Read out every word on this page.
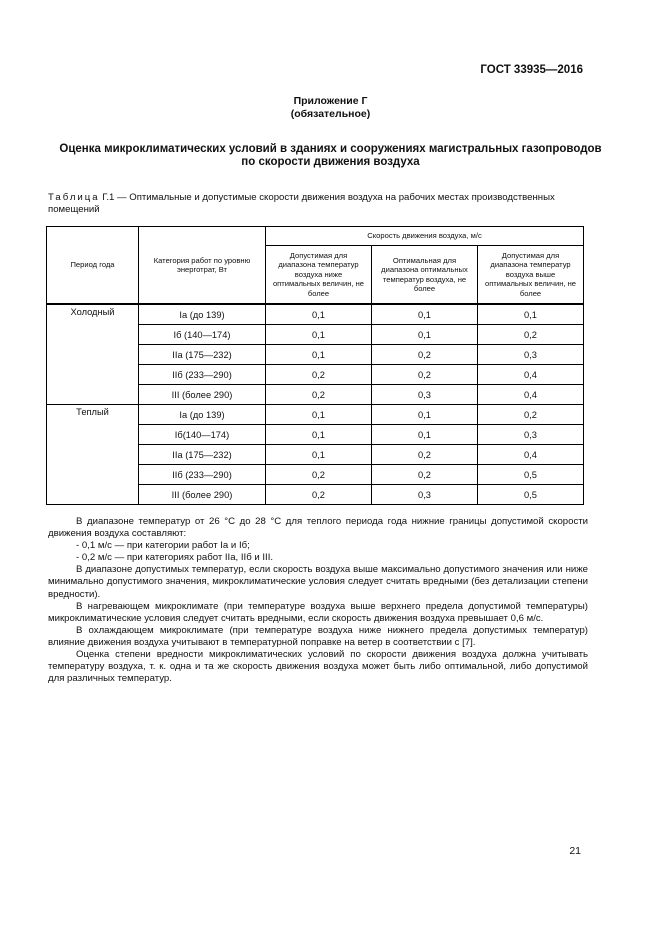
ГОСТ 33935—2016
Приложение Г
(обязательное)
Оценка микроклиматических условий в зданиях и сооружениях магистральных газопроводов
по скорости движения воздуха
Таблица Г.1 — Оптимальные и допустимые скорости движения воздуха на рабочих местах производственных помещений
Период года	Категория работ по уровню энерготрат, Вт	Скорость движения воздуха, м/с		
		Допустимая для диапазона температур воздуха ниже оптимальных величин, не более	Оптимальная для диапазона оптимальных температур воздуха, не более	Допустимая для диапазона температур воздуха выше оптимальных величин, не более
Холодный	Iа (до 139)	0,1	0,1	0,1
	Iб (140—174)	0,1	0,1	0,2
	IIа (175—232)	0,1	0,2	0,3
	IIб (233—290)	0,2	0,2	0,4
	III (более 290)	0,2	0,3	0,4
Теплый	Iа (до 139)	0,1	0,1	0,2
	Iб(140—174)	0,1	0,1	0,3
	IIа (175—232)	0,1	0,2	0,4
	IIб (233—290)	0,2	0,2	0,5
	III (более 290)	0,2	0,3	0,5

В диапазоне температур от 26 °С до 28 °С для теплого периода года нижние границы допустимой скорости движения воздуха составляют:

- 0,1 м/с — при категории работ Iа и Iб;

- 0,2 м/с — при категориях работ IIа, IIб и III.

В диапазоне допустимых температур, если скорость воздуха выше максимально допустимого значения или ниже минимально допустимого значения, микроклиматические условия следует считать вредными (без детализации степени вредности).

В нагревающем микроклимате (при температуре воздуха выше верхнего предела допустимой температуры) микроклиматические условия следует считать вредными, если скорость движения воздуха превышает 0,6 м/с.

В охлаждающем микроклимате (при температуре воздуха ниже нижнего предела допустимых температур) влияние движения воздуха учитывают в температурной поправке на ветер в соответствии с [7].

Оценка степени вредности микроклиматических условий по скорости движения воздуха должна учитывать температуру воздуха, т. к. одна и та же скорость движения воздуха может быть либо оптимальной, либо допустимой для различных температур.

21
